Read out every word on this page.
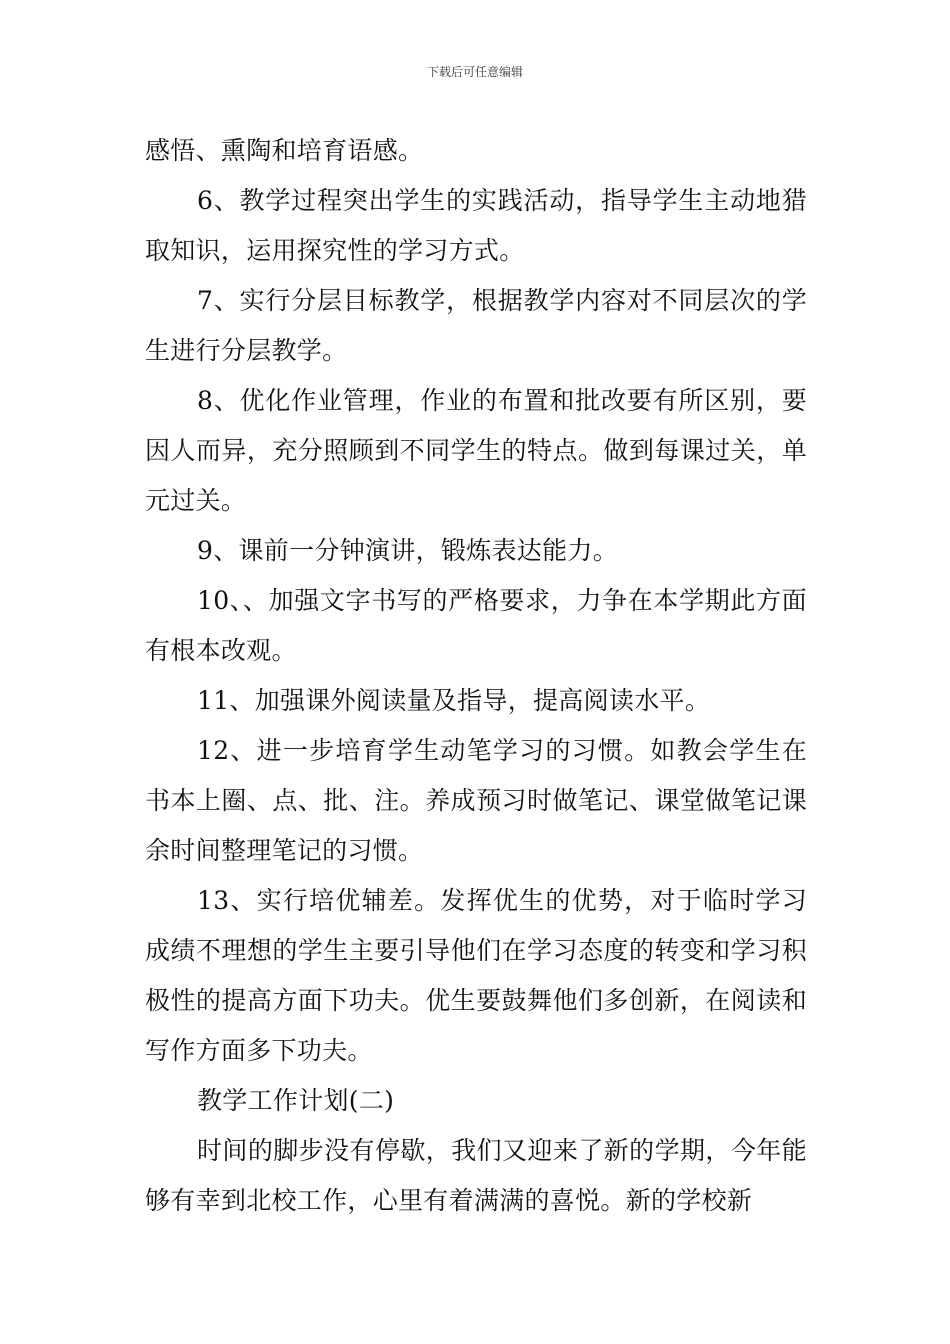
下载后可任意编辑

感悟、熏陶和培育语感。

6、教学过程突出学生的实践活动，指导学生主动地猎取知识，运用探究性的学习方式。

7、实行分层目标教学，根据教学内容对不同层次的学生进行分层教学。

8、优化作业管理，作业的布置和批改要有所区别，要因人而异，充分照顾到不同学生的特点。做到每课过关，单元过关。

9、课前一分钟演讲，锻炼表达能力。

10、、加强文字书写的严格要求，力争在本学期此方面有根本改观。

11、加强课外阅读量及指导，提高阅读水平。

12、进一步培育学生动笔学习的习惯。如教会学生在书本上圈、点、批、注。养成预习时做笔记、课堂做笔记课余时间整理笔记的习惯。

13、实行培优辅差。发挥优生的优势，对于临时学习成绩不理想的学生主要引导他们在学习态度的转变和学习积极性的提高方面下功夫。优生要鼓舞他们多创新，在阅读和写作方面多下功夫。

教学工作计划(二)

时间的脚步没有停歇，我们又迎来了新的学期，今年能够有幸到北校工作，心里有着满满的喜悦。新的学校新
